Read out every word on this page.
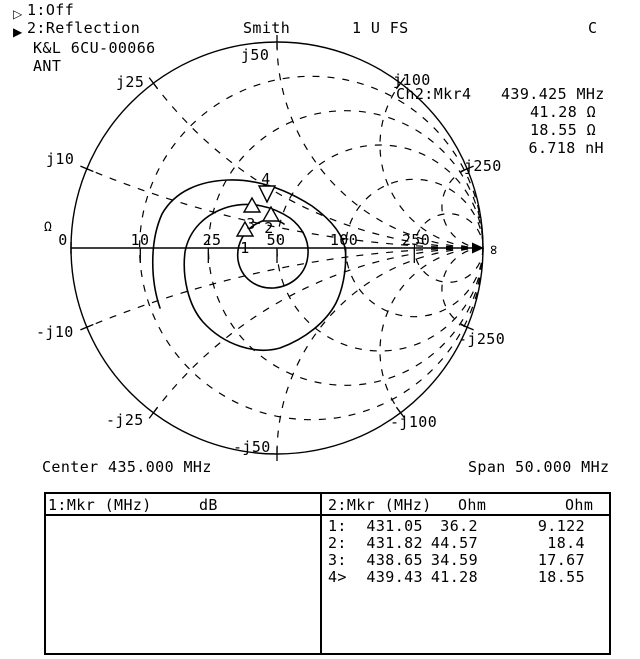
▷ 1:Off
▶ 2:Reflection	Smith	1 U FS	C
K&L 6CU-00066
ANT
Ch2:Mkr4 439.425 MHz
41.28 Ω
18.55 Ω
6.718 nH
1
2
3
4
Ω
0	10	25	50	100	250
∞
j10
j25
j50
j100
j250
-j10
-j25
-j50
-j100
-j250
Center 435.000 MHz	Span 50.000 MHz
1:Mkr (MHz)	dB	2:Mkr (MHz) Ohm	Ohm
1:	431.05	36.2	9.122
2:	431.82 44.57	18.4
3:	438.65 34.59	17.67
4>	439.43 41.28	18.55
